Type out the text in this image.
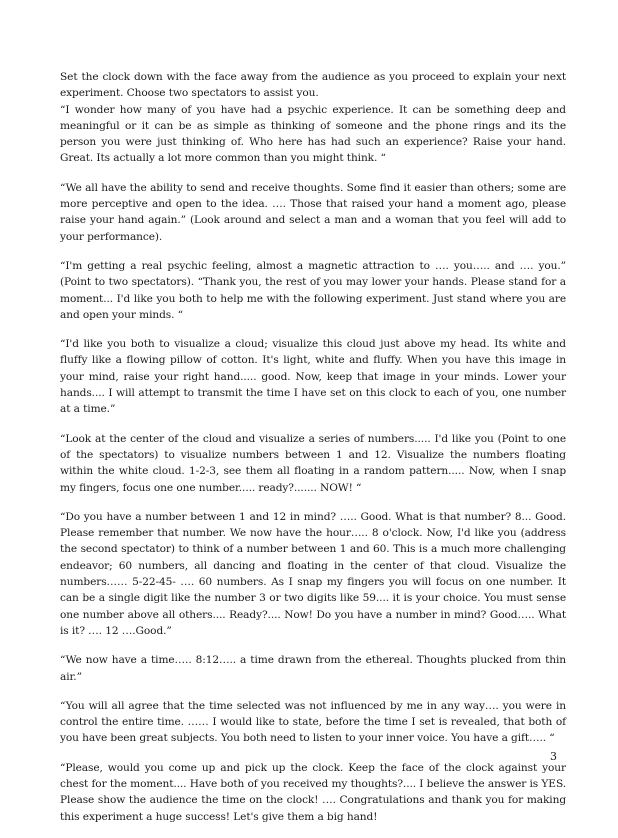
Set the clock down with the face away from the audience as you proceed to explain your next experiment. Choose two spectators to assist you.

“I wonder how many of you have had a psychic experience. It can be something deep and meaningful or it can be as simple as thinking of someone and the phone rings and its the person you were just thinking of. Who here has had such an experience? Raise your hand. Great. Its actually a lot more common than you might think. “

“We all have the ability to send and receive thoughts. Some find it easier than others; some are more perceptive and open to the idea. …. Those that raised your hand a moment ago, please raise your hand again.” (Look around and select a man and a woman that you feel will add to your performance).

“I'm getting a real psychic feeling, almost a magnetic attraction to …. you….. and …. you.” (Point to two spectators). “Thank you, the rest of you may lower your hands. Please stand for a moment... I'd like you both to help me with the following experiment. Just stand where you are and open your minds. “

“I'd like you both to visualize a cloud; visualize this cloud just above my head. Its white and fluffy like a flowing pillow of cotton. It's light, white and fluffy. When you have this image in your mind, raise your right hand..... good. Now, keep that image in your minds. Lower your hands.... I will attempt to transmit the time I have set on this clock to each of you, one number at a time.”

“Look at the center of the cloud and visualize a series of numbers..... I'd like you (Point to one of the spectators) to visualize numbers between 1 and 12. Visualize the numbers floating within the white cloud. 1-2-3, see them all floating in a random pattern..... Now, when I snap my fingers, focus one one number..... ready?....... NOW! “

“Do you have a number between 1 and 12 in mind? ….. Good. What is that number? 8... Good. Please remember that number. We now have the hour….. 8 o'clock. Now, I'd like you (address the second spectator) to think of a number between 1 and 60. This is a much more challenging endeavor; 60 numbers, all dancing and floating in the center of that cloud. Visualize the numbers…… 5-22-45- …. 60 numbers. As I snap my fingers you will focus on one number. It can be a single digit like the number 3 or two digits like 59.... it is your choice. You must sense one number above all others.... Ready?.... Now! Do you have a number in mind? Good….. What is it? …. 12 ….Good.”

“We now have a time….. 8:12….. a time drawn from the ethereal. Thoughts plucked from thin air.”

“You will all agree that the time selected was not influenced by me in any way…. you were in control the entire time. …… I would like to state, before the time I set is revealed, that both of you have been great subjects. You both need to listen to your inner voice. You have a gift….. “

“Please, would you come up and pick up the clock. Keep the face of the clock against your chest for the moment.... Have both of you received my thoughts?.... I believe the answer is YES. Please show the audience the time on the clock! …. Congratulations and thank you for making this experiment a huge success! Let's give them a big hand!

3
